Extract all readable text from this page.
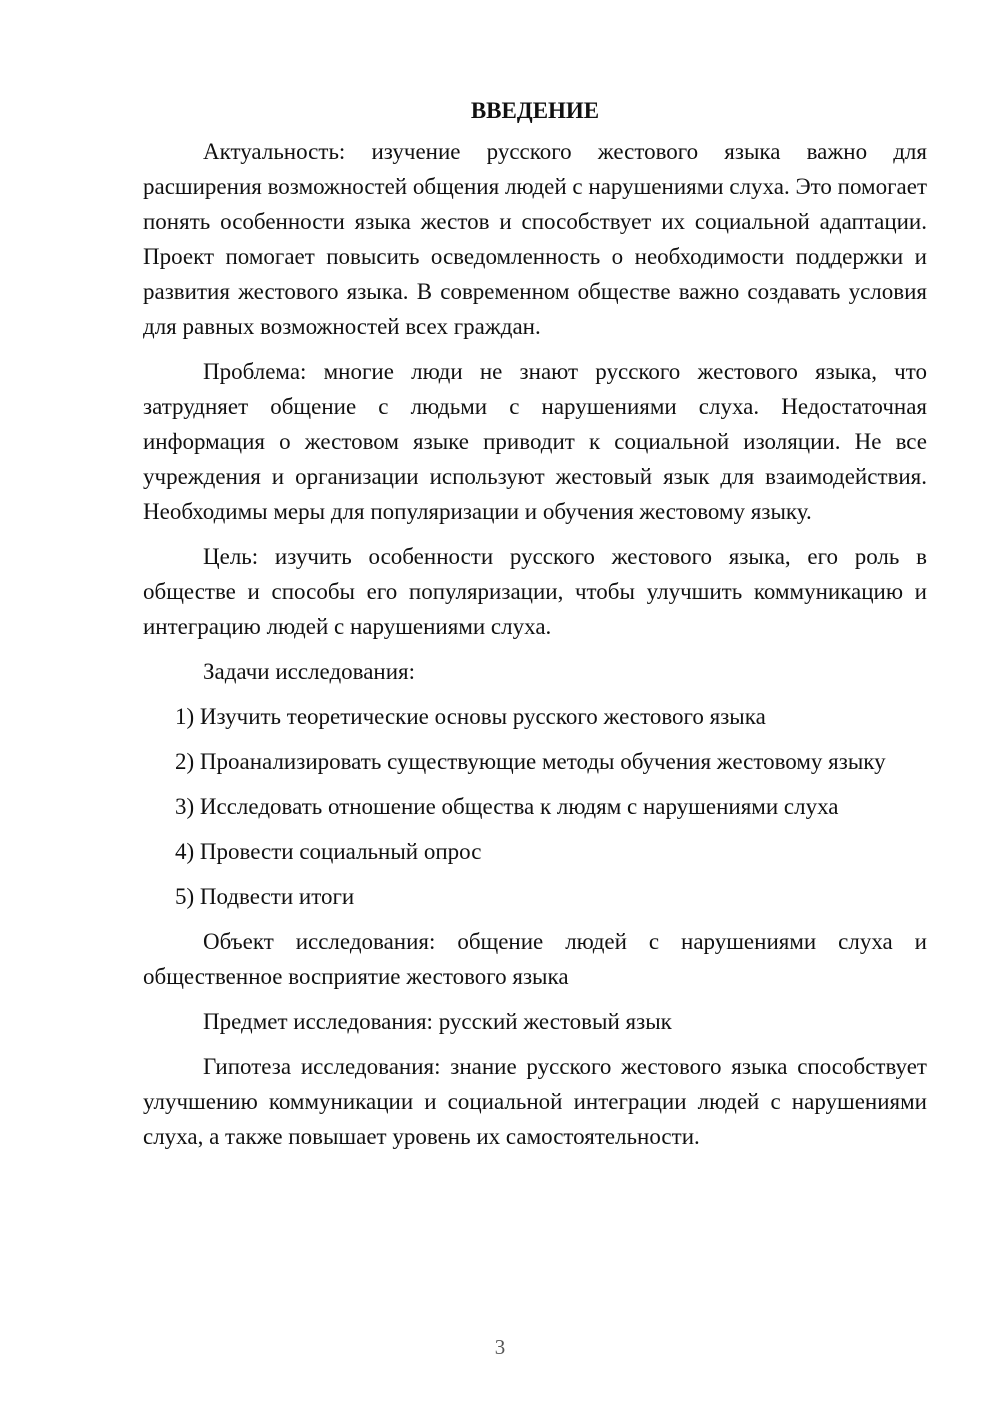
ВВЕДЕНИЕ

Актуальность: изучение русского жестового языка важно для расширения возможностей общения людей с нарушениями слуха. Это помогает понять особенности языка жестов и способствует их социальной адаптации. Проект помогает повысить осведомленность о необходимости поддержки и развития жестового языка. В современном обществе важно создавать условия для равных возможностей всех граждан.

Проблема: многие люди не знают русского жестового языка, что затрудняет общение с людьми с нарушениями слуха. Недостаточная информация о жестовом языке приводит к социальной изоляции. Не все учреждения и организации используют жестовый язык для взаимодействия. Необходимы меры для популяризации и обучения жестовому языку.

Цель: изучить особенности русского жестового языка, его роль в обществе и способы его популяризации, чтобы улучшить коммуникацию и интеграцию людей с нарушениями слуха.

Задачи исследования:

1) Изучить теоретические основы русского жестового языка

2) Проанализировать существующие методы обучения жестовому языку

3) Исследовать отношение общества к людям с нарушениями слуха

4) Провести социальный опрос

5) Подвести итоги

Объект исследования: общение людей с нарушениями слуха и общественное восприятие жестового языка

Предмет исследования: русский жестовый язык

Гипотеза исследования: знание русского жестового языка способствует улучшению коммуникации и социальной интеграции людей с нарушениями слуха, а также повышает уровень их самостоятельности.

3
